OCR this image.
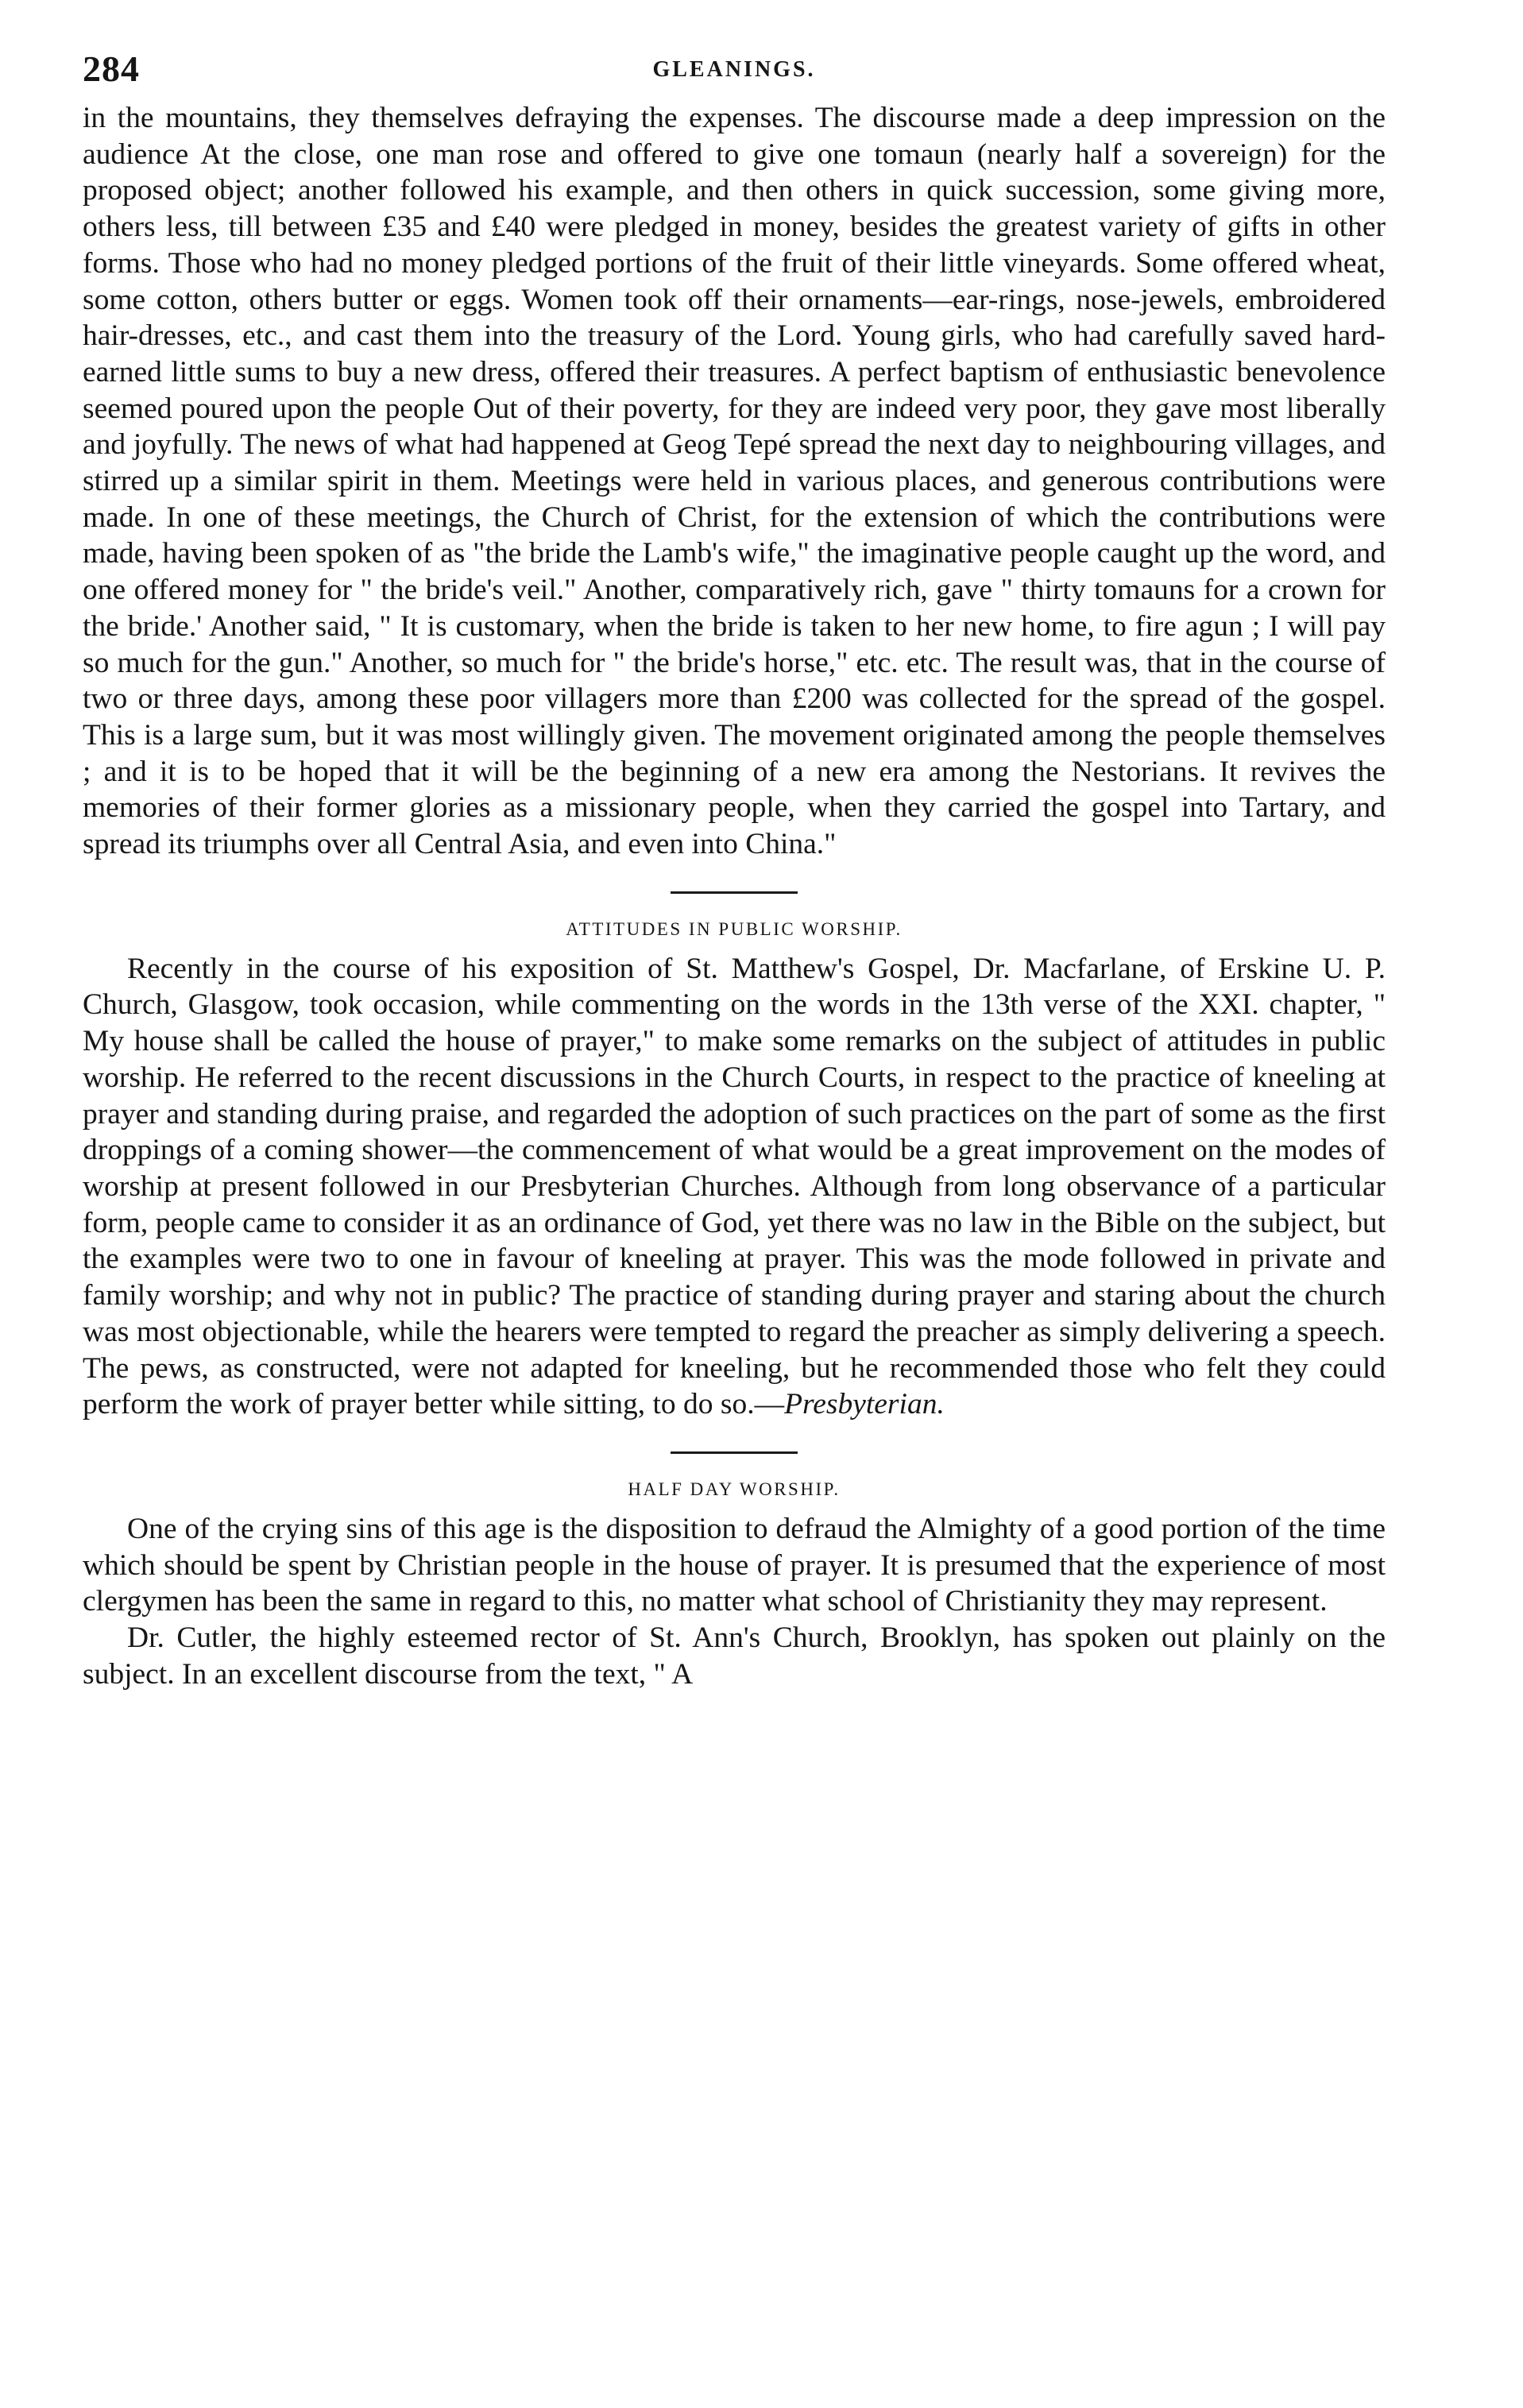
284	GLEANINGS.

in the mountains, they themselves defraying the expenses. The discourse made a deep impression on the audience At the close, one man rose and offered to give one tomaun (nearly half a sovereign) for the proposed object; another followed his example, and then others in quick succession, some giving more, others less, till between £35 and £40 were pledged in money, besides the greatest variety of gifts in other forms. Those who had no money pledged portions of the fruit of their little vineyards. Some offered wheat, some cotton, others butter or eggs. Women took off their ornaments—ear-rings, nose-jewels, embroidered hair-dresses, etc., and cast them into the treasury of the Lord. Young girls, who had carefully saved hard-earned little sums to buy a new dress, offered their treasures. A perfect baptism of enthusiastic benevolence seemed poured upon the people Out of their poverty, for they are indeed very poor, they gave most liberally and joyfully. The news of what had happened at Geog Tepé spread the next day to neighbouring villages, and stirred up a similar spirit in them. Meetings were held in various places, and generous contributions were made. In one of these meetings, the Church of Christ, for the extension of which the contributions were made, having been spoken of as "the bride the Lamb's wife," the imaginative people caught up the word, and one offered money for " the bride's veil." Another, comparatively rich, gave " thirty tomauns for a crown for the bride.' Another said, " It is customary, when the bride is taken to her new home, to fire agun ; I will pay so much for the gun." Another, so much for " the bride's horse," etc. etc. The result was, that in the course of two or three days, among these poor villagers more than £200 was collected for the spread of the gospel. This is a large sum, but it was most willingly given. The movement originated among the people themselves ; and it is to be hoped that it will be the beginning of a new era among the Nestorians. It revives the memories of their former glories as a missionary people, when they carried the gospel into Tartary, and spread its triumphs over all Central Asia, and even into China."

ATTITUDES IN PUBLIC WORSHIP.

Recently in the course of his exposition of St. Matthew's Gospel, Dr. Macfarlane, of Erskine U. P. Church, Glasgow, took occasion, while commenting on the words in the 13th verse of the XXI. chapter, " My house shall be called the house of prayer," to make some remarks on the subject of attitudes in public worship. He referred to the recent discussions in the Church Courts, in respect to the practice of kneeling at prayer and standing during praise, and regarded the adoption of such practices on the part of some as the first droppings of a coming shower—the commencement of what would be a great improvement on the modes of worship at present followed in our Presbyterian Churches. Although from long observance of a particular form, people came to consider it as an ordinance of God, yet there was no law in the Bible on the subject, but the examples were two to one in favour of kneeling at prayer. This was the mode followed in private and family worship; and why not in public? The practice of standing during prayer and staring about the church was most objectionable, while the hearers were tempted to regard the preacher as simply delivering a speech. The pews, as constructed, were not adapted for kneeling, but he recommended those who felt they could perform the work of prayer better while sitting, to do so.—Presbyterian.

HALF DAY WORSHIP.

One of the crying sins of this age is the disposition to defraud the Almighty of a good portion of the time which should be spent by Christian people in the house of prayer. It is presumed that the experience of most clergymen has been the same in regard to this, no matter what school of Christianity they may represent.

Dr. Cutler, the highly esteemed rector of St. Ann's Church, Brooklyn, has spoken out plainly on the subject. In an excellent discourse from the text, " A
